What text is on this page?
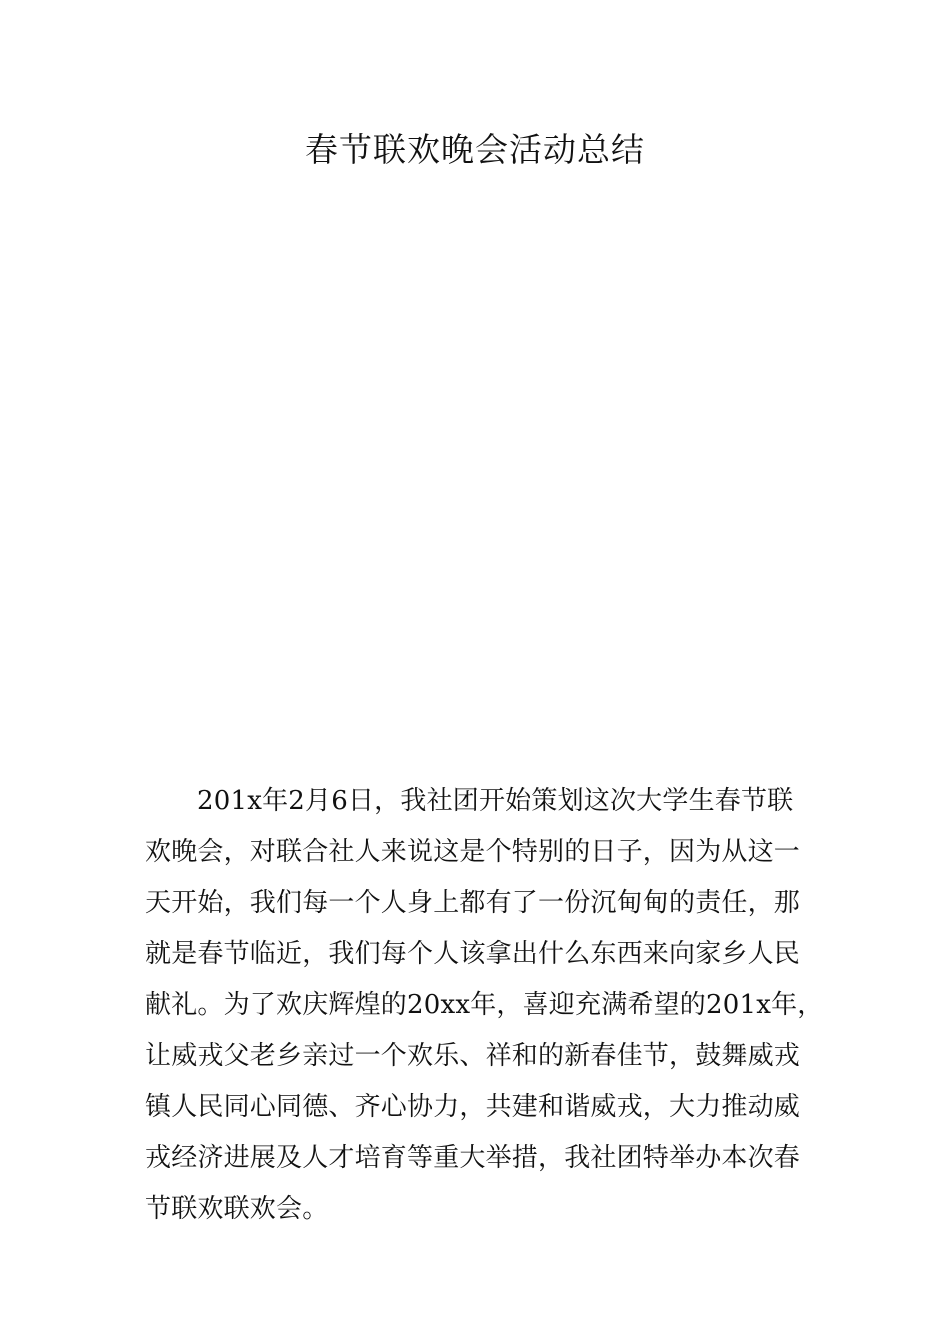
春节联欢晚会活动总结
201x年2月6日，我社团开始策划这次大学生春节联
欢晚会，对联合社人来说这是个特别的日子，因为从这一
天开始，我们每一个人身上都有了一份沉甸甸的责任，那
就是春节临近，我们每个人该拿出什么东西来向家乡人民
献礼。为了欢庆辉煌的20xx年，喜迎充满希望的201x年，
让威戎父老乡亲过一个欢乐、祥和的新春佳节，鼓舞威戎
镇人民同心同德、齐心协力，共建和谐威戎，大力推动威
戎经济进展及人才培育等重大举措，我社团特举办本次春
节联欢联欢会。
